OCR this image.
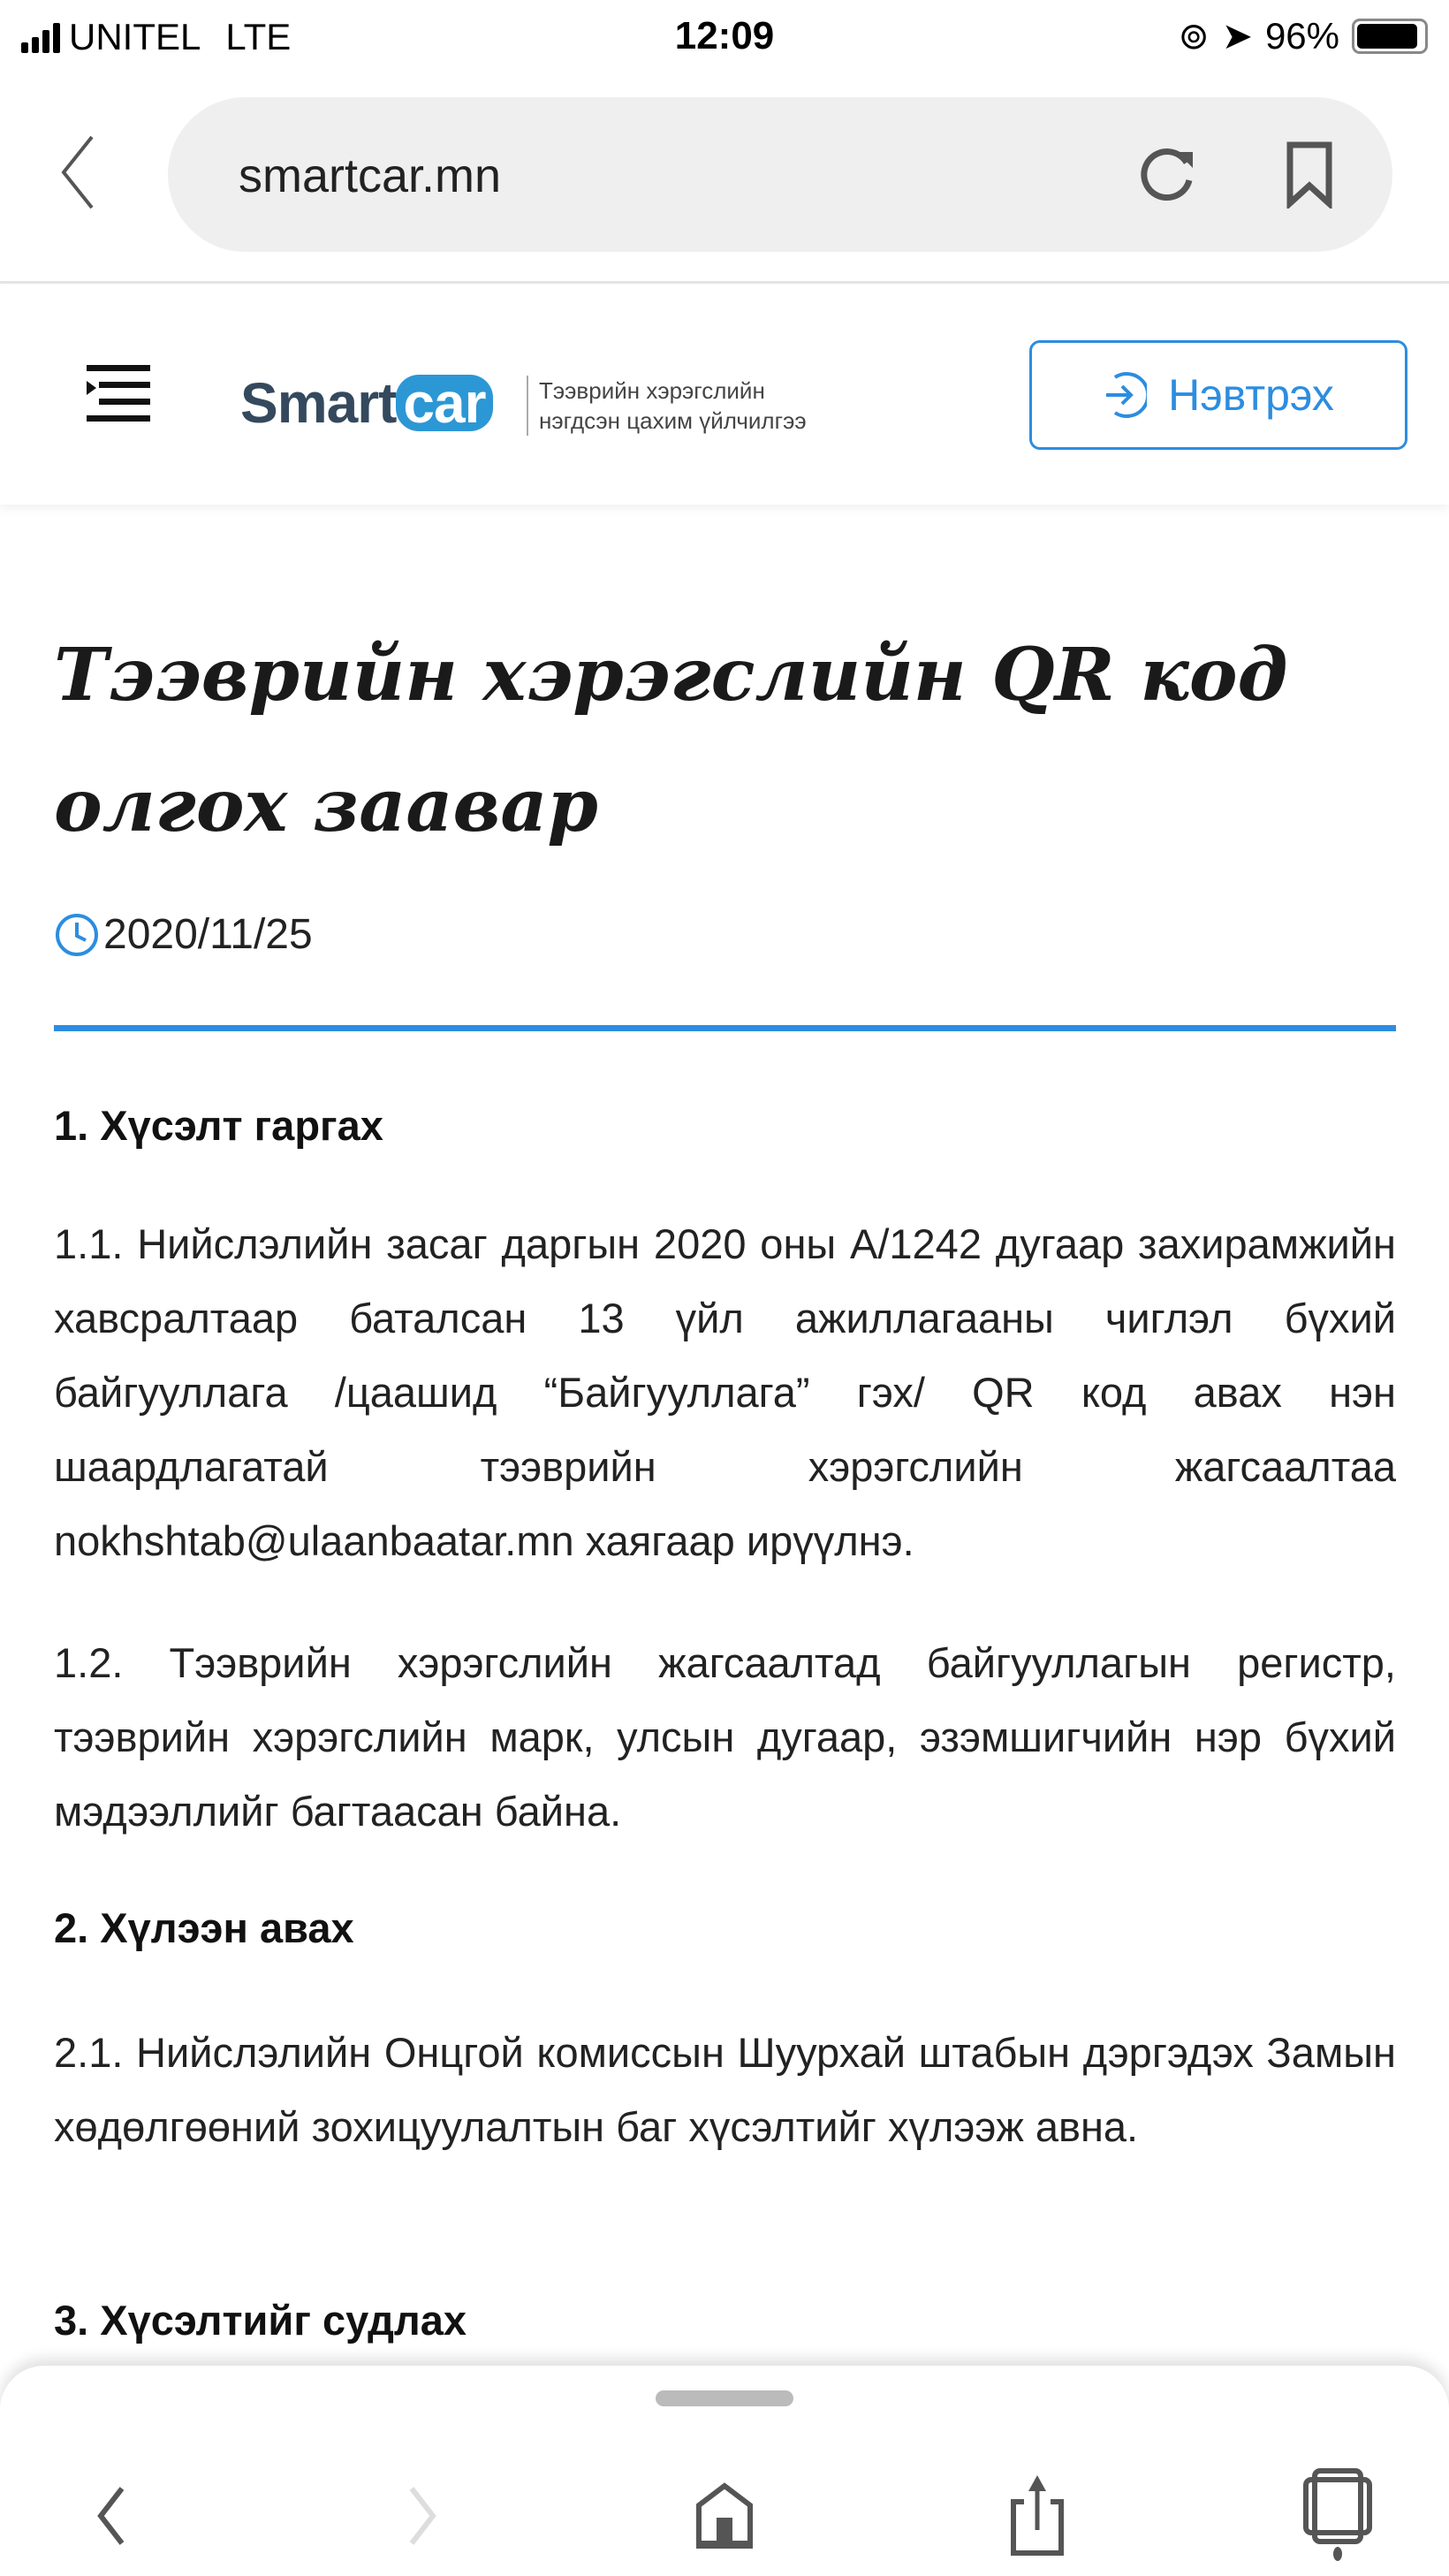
UNITEL LTE	12:09	⊚ ➤ 96%
smartcar.mn
Smart car	Тээврийн хэрэгслийн
нэгдсэн цахим үйлчилгээ
Нэвтрэх
Тээврийн хэрэгслийн QR код олгох заавар
2020/11/25
1. Хүсэлт гаргах

1.1. Нийслэлийн засаг даргын 2020 оны А/1242 дугаар захирамжийн хавсралтаар баталсан 13 үйл ажиллагааны чиглэл бүхий байгууллага /цаашид “Байгууллага” гэх/ QR код авах нэн шаардлагатай тээврийн хэрэгслийн жагсаалтаа nokhshtab@ulaanbaatar.mn хаягаар ирүүлнэ.

1.2. Тээврийн хэрэгслийн жагсаалтад байгууллагын регистр, тээврийн хэрэгслийн марк, улсын дугаар, эзэмшигчийн нэр бүхий мэдээллийг багтаасан байна.

2. Хүлээн авах

2.1. Нийслэлийн Онцгой комиссын Шуурхай штабын дэргэдэх Замын хөдөлгөөний зохицуулалтын баг хүсэлтийг хүлээж авна.

3. Хүсэлтийг судлах
